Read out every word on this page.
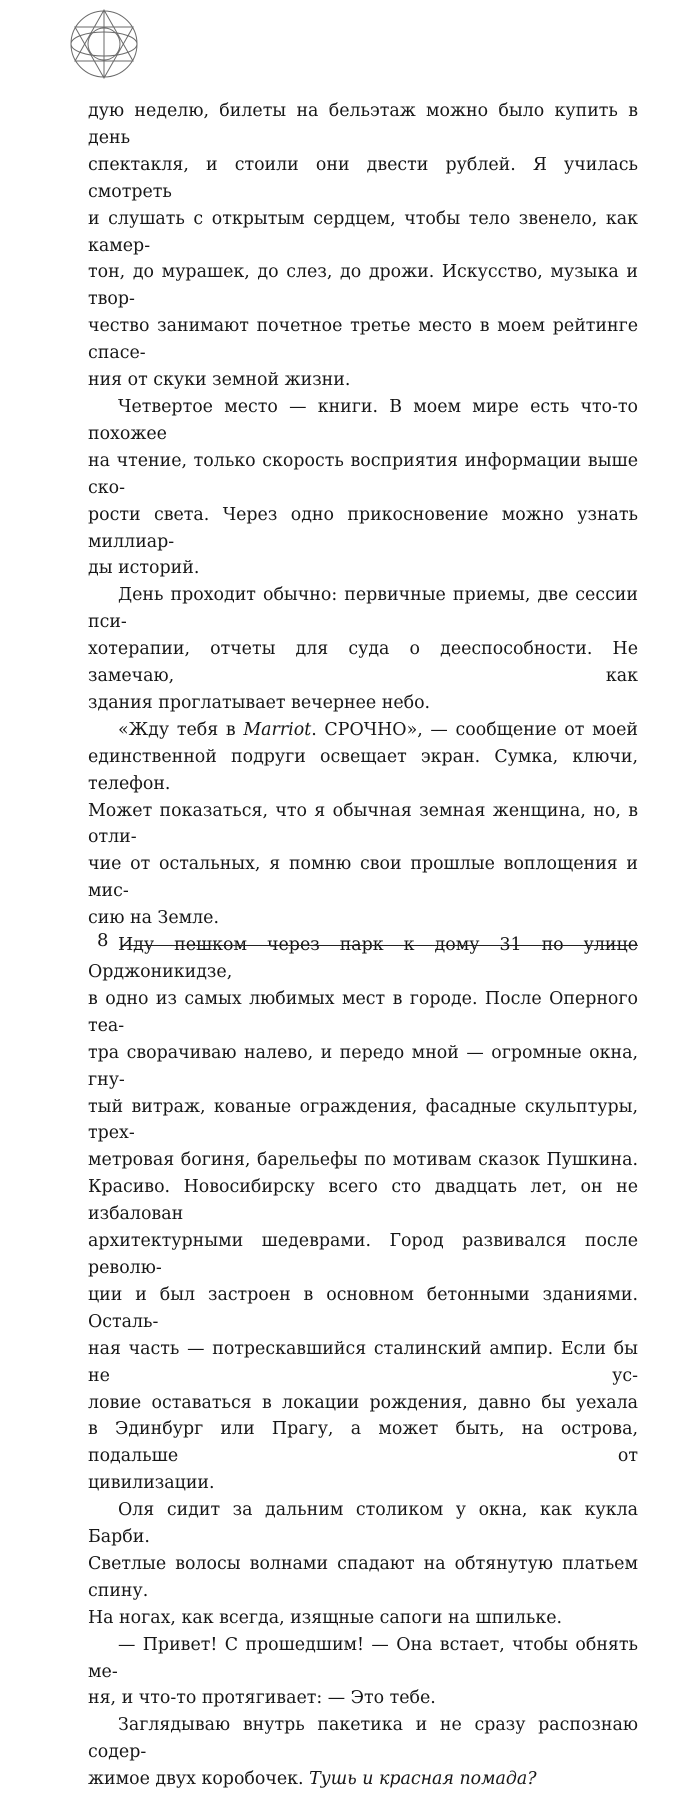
дую неделю, билеты на бельэтаж можно было купить в день
спектакля, и стоили они двести рублей. Я училась смотреть
и слушать с открытым сердцем, чтобы тело звенело, как камер-
тон, до мурашек, до слез, до дрожи. Искусство, музыка и твор-
чество занимают почетное третье место в моем рейтинге спасе-
ния от скуки земной жизни.

Четвертое место — книги. В моем мире есть что-то похожее
на чтение, только скорость восприятия информации выше ско-
рости света. Через одно прикосновение можно узнать миллиар-
ды историй.

День проходит обычно: первичные приемы, две сессии пси-
хотерапии, отчеты для суда о дееспособности. Не замечаю, как
здания проглатывает вечернее небо.

«Жду тебя в Marriot. СРОЧНО», — сообщение от моей
единственной подруги освещает экран. Сумка, ключи, телефон.
Может показаться, что я обычная земная женщина, но, в отли-
чие от остальных, я помню свои прошлые воплощения и мис-
сию на Земле.

Иду пешком через парк к дому 31 по улице Орджоникидзе,
в одно из самых любимых мест в городе. После Оперного теа-
тра сворачиваю налево, и передо мной — огромные окна, гну-
тый витраж, кованые ограждения, фасадные скульптуры, трех-
метровая богиня, барельефы по мотивам сказок Пушкина.
Красиво. Новосибирску всего сто двадцать лет, он не избалован
архитектурными шедеврами. Город развивался после револю-
ции и был застроен в основном бетонными зданиями. Осталь-
ная часть — потрескавшийся сталинский ампир. Если бы не ус-
ловие оставаться в локации рождения, давно бы уехала
в Эдинбург или Прагу, а может быть, на острова, подальше от
цивилизации.

Оля сидит за дальним столиком у окна, как кукла Барби.
Светлые волосы волнами спадают на обтянутую платьем спину.
На ногах, как всегда, изящные сапоги на шпильке.

— Привет! С прошедшим! — Она встает, чтобы обнять ме-
ня, и что-то протягивает: — Это тебе.

Заглядываю внутрь пакетика и не сразу распознаю содер-
жимое двух коробочек. Тушь и красная помада?

8
